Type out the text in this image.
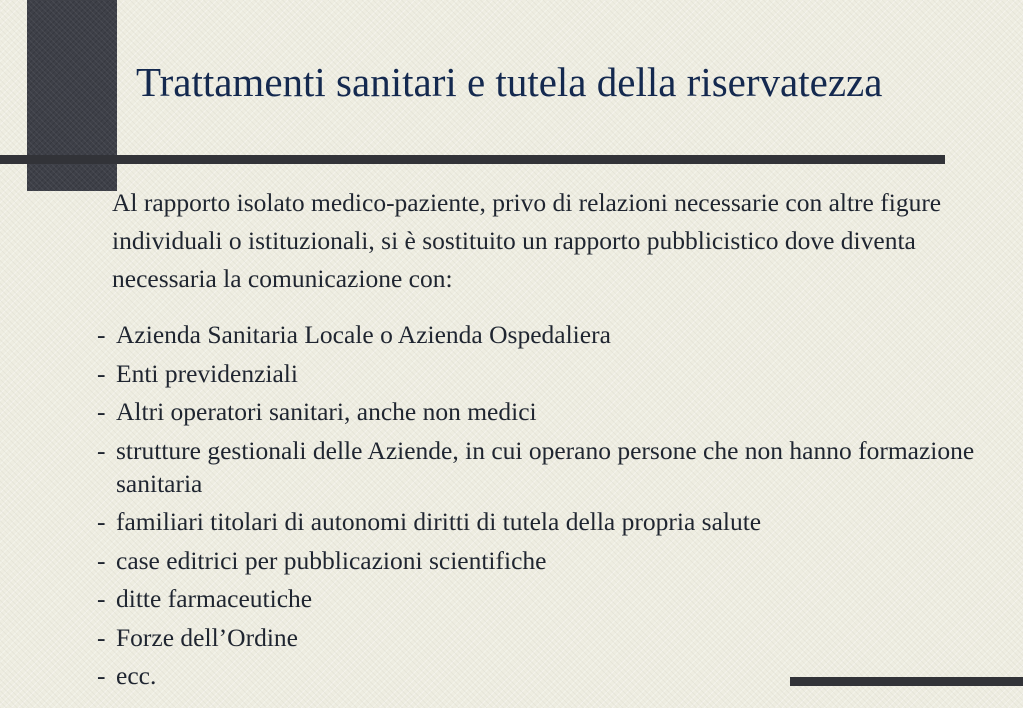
Trattamenti sanitari e tutela della riservatezza

Al rapporto isolato medico-paziente, privo di relazioni necessarie con altre figure individuali o istituzionali, si è sostituito un rapporto pubblicistico dove diventa necessaria la comunicazione con:

- Azienda Sanitaria Locale o Azienda Ospedaliera
- Enti previdenziali
- Altri operatori sanitari, anche non medici
- strutture gestionali delle Aziende, in cui operano persone che non hanno formazione sanitaria
- familiari titolari di autonomi diritti di tutela della propria salute
- case editrici per pubblicazioni scientifiche
- ditte farmaceutiche
- Forze dell’Ordine
- ecc.
